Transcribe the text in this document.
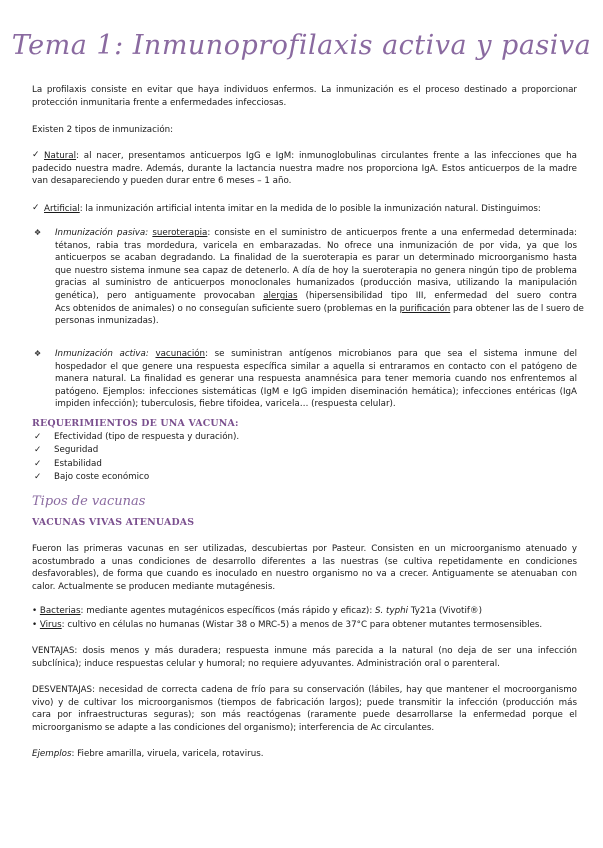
Tema 1: Inmunoprofilaxis activa y pasiva
La profilaxis consiste en evitar que haya individuos enfermos. La inmunización es el proceso destinado a proporcionar
protección inmunitaria frente a enfermedades infecciosas.
Existen 2 tipos de inmunización:
✓ Natural: al nacer, presentamos anticuerpos IgG e IgM: inmunoglobulinas circulantes frente a las infecciones que ha
padecido nuestra madre. Además, durante la lactancia nuestra madre nos proporciona IgA. Estos anticuerpos de la madre
van desapareciendo y pueden durar entre 6 meses – 1 año.
✓ Artificial: la inmunización artificial intenta imitar en la medida de lo posible la inmunización natural. Distinguimos:
❖ Inmunización pasiva: sueroterapia: consiste en el suministro de anticuerpos frente a una enfermedad determinada:
tétanos, rabia tras mordedura, varicela en embarazadas. No ofrece una inmunización de por vida, ya que los
anticuerpos se acaban degradando. La finalidad de la sueroterapia es parar un determinado microorganismo hasta
que nuestro sistema inmune sea capaz de detenerlo. A día de hoy la sueroterapia no genera ningún tipo de problema
gracias al suministro de anticuerpos monoclonales humanizados (producción masiva, utilizando la manipulación
genética), pero antiguamente provocaban alergias (hipersensibilidad tipo III, enfermedad del suero contra
Acs obtenidos de animales) o no conseguían suficiente suero (problemas en la purificación para obtener las de l suero de
personas inmunizadas).
❖ Inmunización activa: vacunación: se suministran antígenos microbianos para que sea el sistema inmune del
hospedador el que genere una respuesta específica similar a aquella si entraramos en contacto con el patógeno de
manera natural. La finalidad es generar una respuesta anamnésica para tener memoria cuando nos enfrentemos al
patógeno. Ejemplos: infecciones sistemáticas (IgM e IgG impiden diseminación hemática); infecciones entéricas (IgA
impiden infección); tuberculosis, fiebre tifoidea, varicela… (respuesta celular).
REQUERIMIENTOS DE UNA VACUNA:
✓ Efectividad (tipo de respuesta y duración).
✓ Seguridad
✓ Estabilidad
✓ Bajo coste económico
Tipos de vacunas
VACUNAS VIVAS ATENUADAS
Fueron las primeras vacunas en ser utilizadas, descubiertas por Pasteur. Consisten en un microorganismo atenuado y
acostumbrado a unas condiciones de desarrollo diferentes a las nuestras (se cultiva repetidamente en condiciones
desfavorables), de forma que cuando es inoculado en nuestro organismo no va a crecer. Antiguamente se atenuaban con
calor. Actualmente se producen mediante mutagénesis.
• Bacterias: mediante agentes mutagénicos específicos (más rápido y eficaz): S. typhi Ty21a (Vivotif®)
• Virus: cultivo en células no humanas (Wistar 38 o MRC-5) a menos de 37°C para obtener mutantes termosensibles.
VENTAJAS: dosis menos y más duradera; respuesta inmune más parecida a la natural (no deja de ser una infección
subclínica); induce respuestas celular y humoral; no requiere adyuvantes. Administración oral o parenteral.
DESVENTAJAS: necesidad de correcta cadena de frío para su conservación (lábiles, hay que mantener el mocroorganismo
vivo) y de cultivar los microorganismos (tiempos de fabricación largos); puede transmitir la infección (producción más
cara por infraestructuras seguras); son más reactógenas (raramente puede desarrollarse la enfermedad porque el
microorganismo se adapte a las condiciones del organismo); interferencia de Ac circulantes.
Ejemplos: Fiebre amarilla, viruela, varicela, rotavirus.
